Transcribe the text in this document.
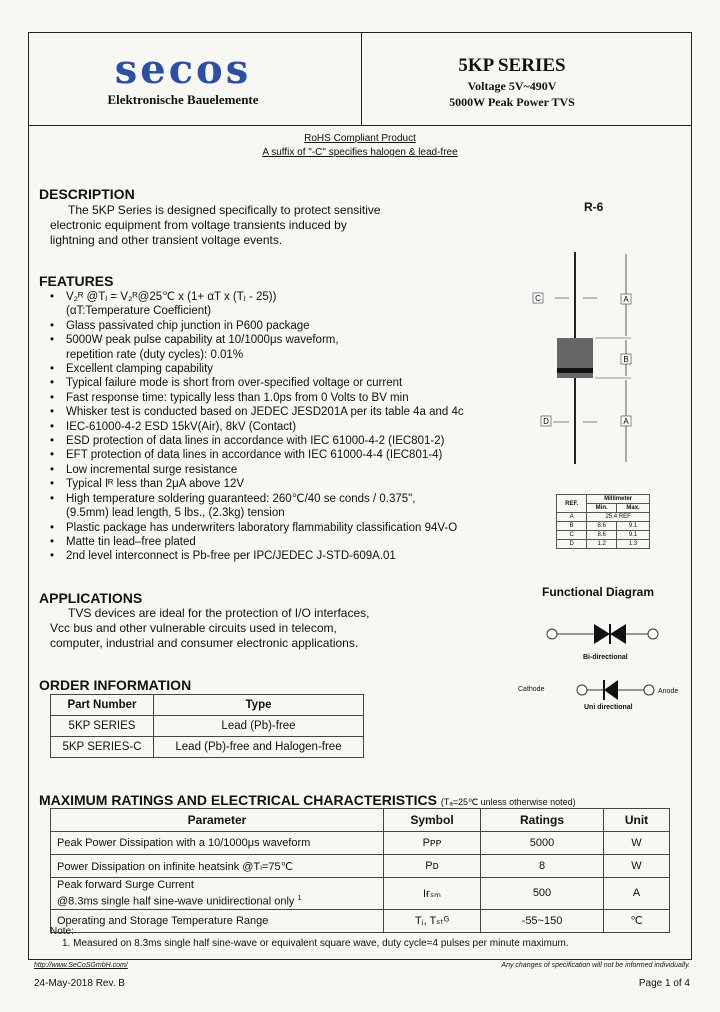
secos
Elektronische Bauelemente
5KP SERIES
Voltage 5V~490V
5000W Peak Power TVS
RoHS Compliant Product
A suffix of "-C" specifies halogen & lead-free
DESCRIPTION
The 5KP Series is designed specifically to protect sensitive
electronic equipment from voltage transients induced by
lightning and other transient voltage events.
FEATURES
• V₂ᴿ @Tⱼ = V₂ᴿ@25℃ x (1+ αT x (Tⱼ - 25))
(αT:Temperature Coefficient)
• Glass passivated chip junction in P600 package
• 5000W peak pulse capability at 10/1000μs waveform,
repetition rate (duty cycles): 0.01%
• Excellent clamping capability
• Typical failure mode is short from over-specified voltage or current
• Fast response time: typically less than 1.0ps from 0 Volts to BV min
• Whisker test is conducted based on JEDEC JESD201A per its table 4a and 4c
• IEC-61000-4-2 ESD 15kV(Air), 8kV (Contact)
• ESD protection of data lines in accordance with IEC 61000-4-2 (IEC801-2)
• EFT protection of data lines in accordance with IEC 61000-4-4 (IEC801-4)
• Low incremental surge resistance
• Typical Iᴿ less than 2μA above 12V
• High temperature soldering guaranteed: 260℃/40 se conds / 0.375",
(9.5mm) lead length, 5 lbs., (2.3kg) tension
• Plastic package has underwriters laboratory flammability classification 94V-O
• Matte tin lead–free plated
• 2nd level interconnect is Pb-free per IPC/JEDEC J-STD-609A.01
R-6
A
B
A
C
D
REF.	Millimeter	
	Min.	Max.
A	25.4 REF	
B	8.6	9.1
C	8.6	9.1
D	1.2	1.3
Functional Diagram
Bi-directional
Cathode	Anode
Uni directional
APPLICATIONS
TVS devices are ideal for the protection of I/O interfaces,
Vᴄᴄ bus and other vulnerable circuits used in telecom,
computer, industrial and consumer electronic applications.
ORDER INFORMATION
Part Number	Type
5KP SERIES	Lead (Pb)-free
5KP SERIES-C	Lead (Pb)-free and Halogen-free
MAXIMUM RATINGS AND ELECTRICAL CHARACTERISTICS (Tₐ=25℃ unless otherwise noted)
Parameter	Symbol	Ratings	Unit
Peak Power Dissipation with a 10/1000μs waveform	Pᴘᴘ	5000	W
Power Dissipation on infinite heatsink @Tₗ=75℃	Pᴅ	8	W

Peak forward Surge Current
@8.3ms single half sine-wave unidirectional only $^1$	Iғₛₘ	500	A
Operating and Storage Temperature Range	Tⱼ, Tₛₜᴳ	-55~150	℃
Note:
1. Measured on 8.3ms single half sine-wave or equivalent square wave, duty cycle=4 pulses per minute maximum.
http://www.SeCoSGmbH.com/	Any changes of specification will not be informed individually.
24-May-2018 Rev. B	Page 1 of 4
